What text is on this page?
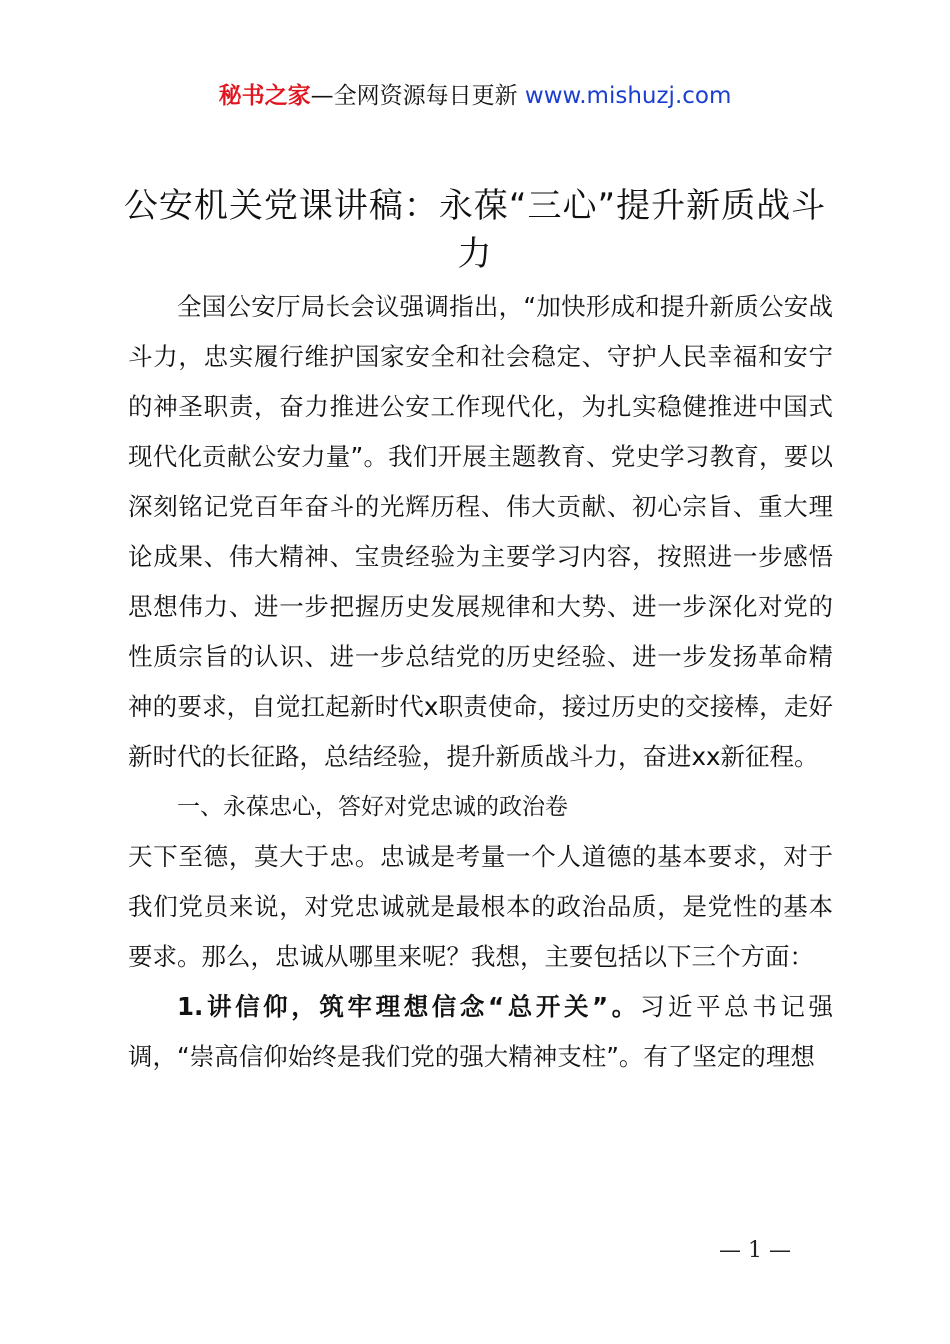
秘书之家—全网资源每日更新 www.mishuzj.com
公安机关党课讲稿：永葆“三心”提升新质战斗力

全国公安厅局长会议强调指出，“加快形成和提升新质公安战斗力，忠实履行维护国家安全和社会稳定、守护人民幸福和安宁的神圣职责，奋力推进公安工作现代化，为扎实稳健推进中国式现代化贡献公安力量”。我们开展主题教育、党史学习教育，要以深刻铭记党百年奋斗的光辉历程、伟大贡献、初心宗旨、重大理论成果、伟大精神、宝贵经验为主要学习内容，按照进一步感悟思想伟力、进一步把握历史发展规律和大势、进一步深化对党的性质宗旨的认识、进一步总结党的历史经验、进一步发扬革命精神的要求，自觉扛起新时代x职责使命，接过历史的交接棒，走好新时代的长征路，总结经验，提升新质战斗力，奋进xx新征程。

一、永葆忠心，答好对党忠诚的政治卷

天下至德，莫大于忠。忠诚是考量一个人道德的基本要求，对于我们党员来说，对党忠诚就是最根本的政治品质，是党性的基本要求。那么，忠诚从哪里来呢？我想，主要包括以下三个方面：

1.讲信仰，筑牢理想信念“总开关”。习近平总书记强调，“崇高信仰始终是我们党的强大精神支柱”。有了坚定的理想

— 1 —
